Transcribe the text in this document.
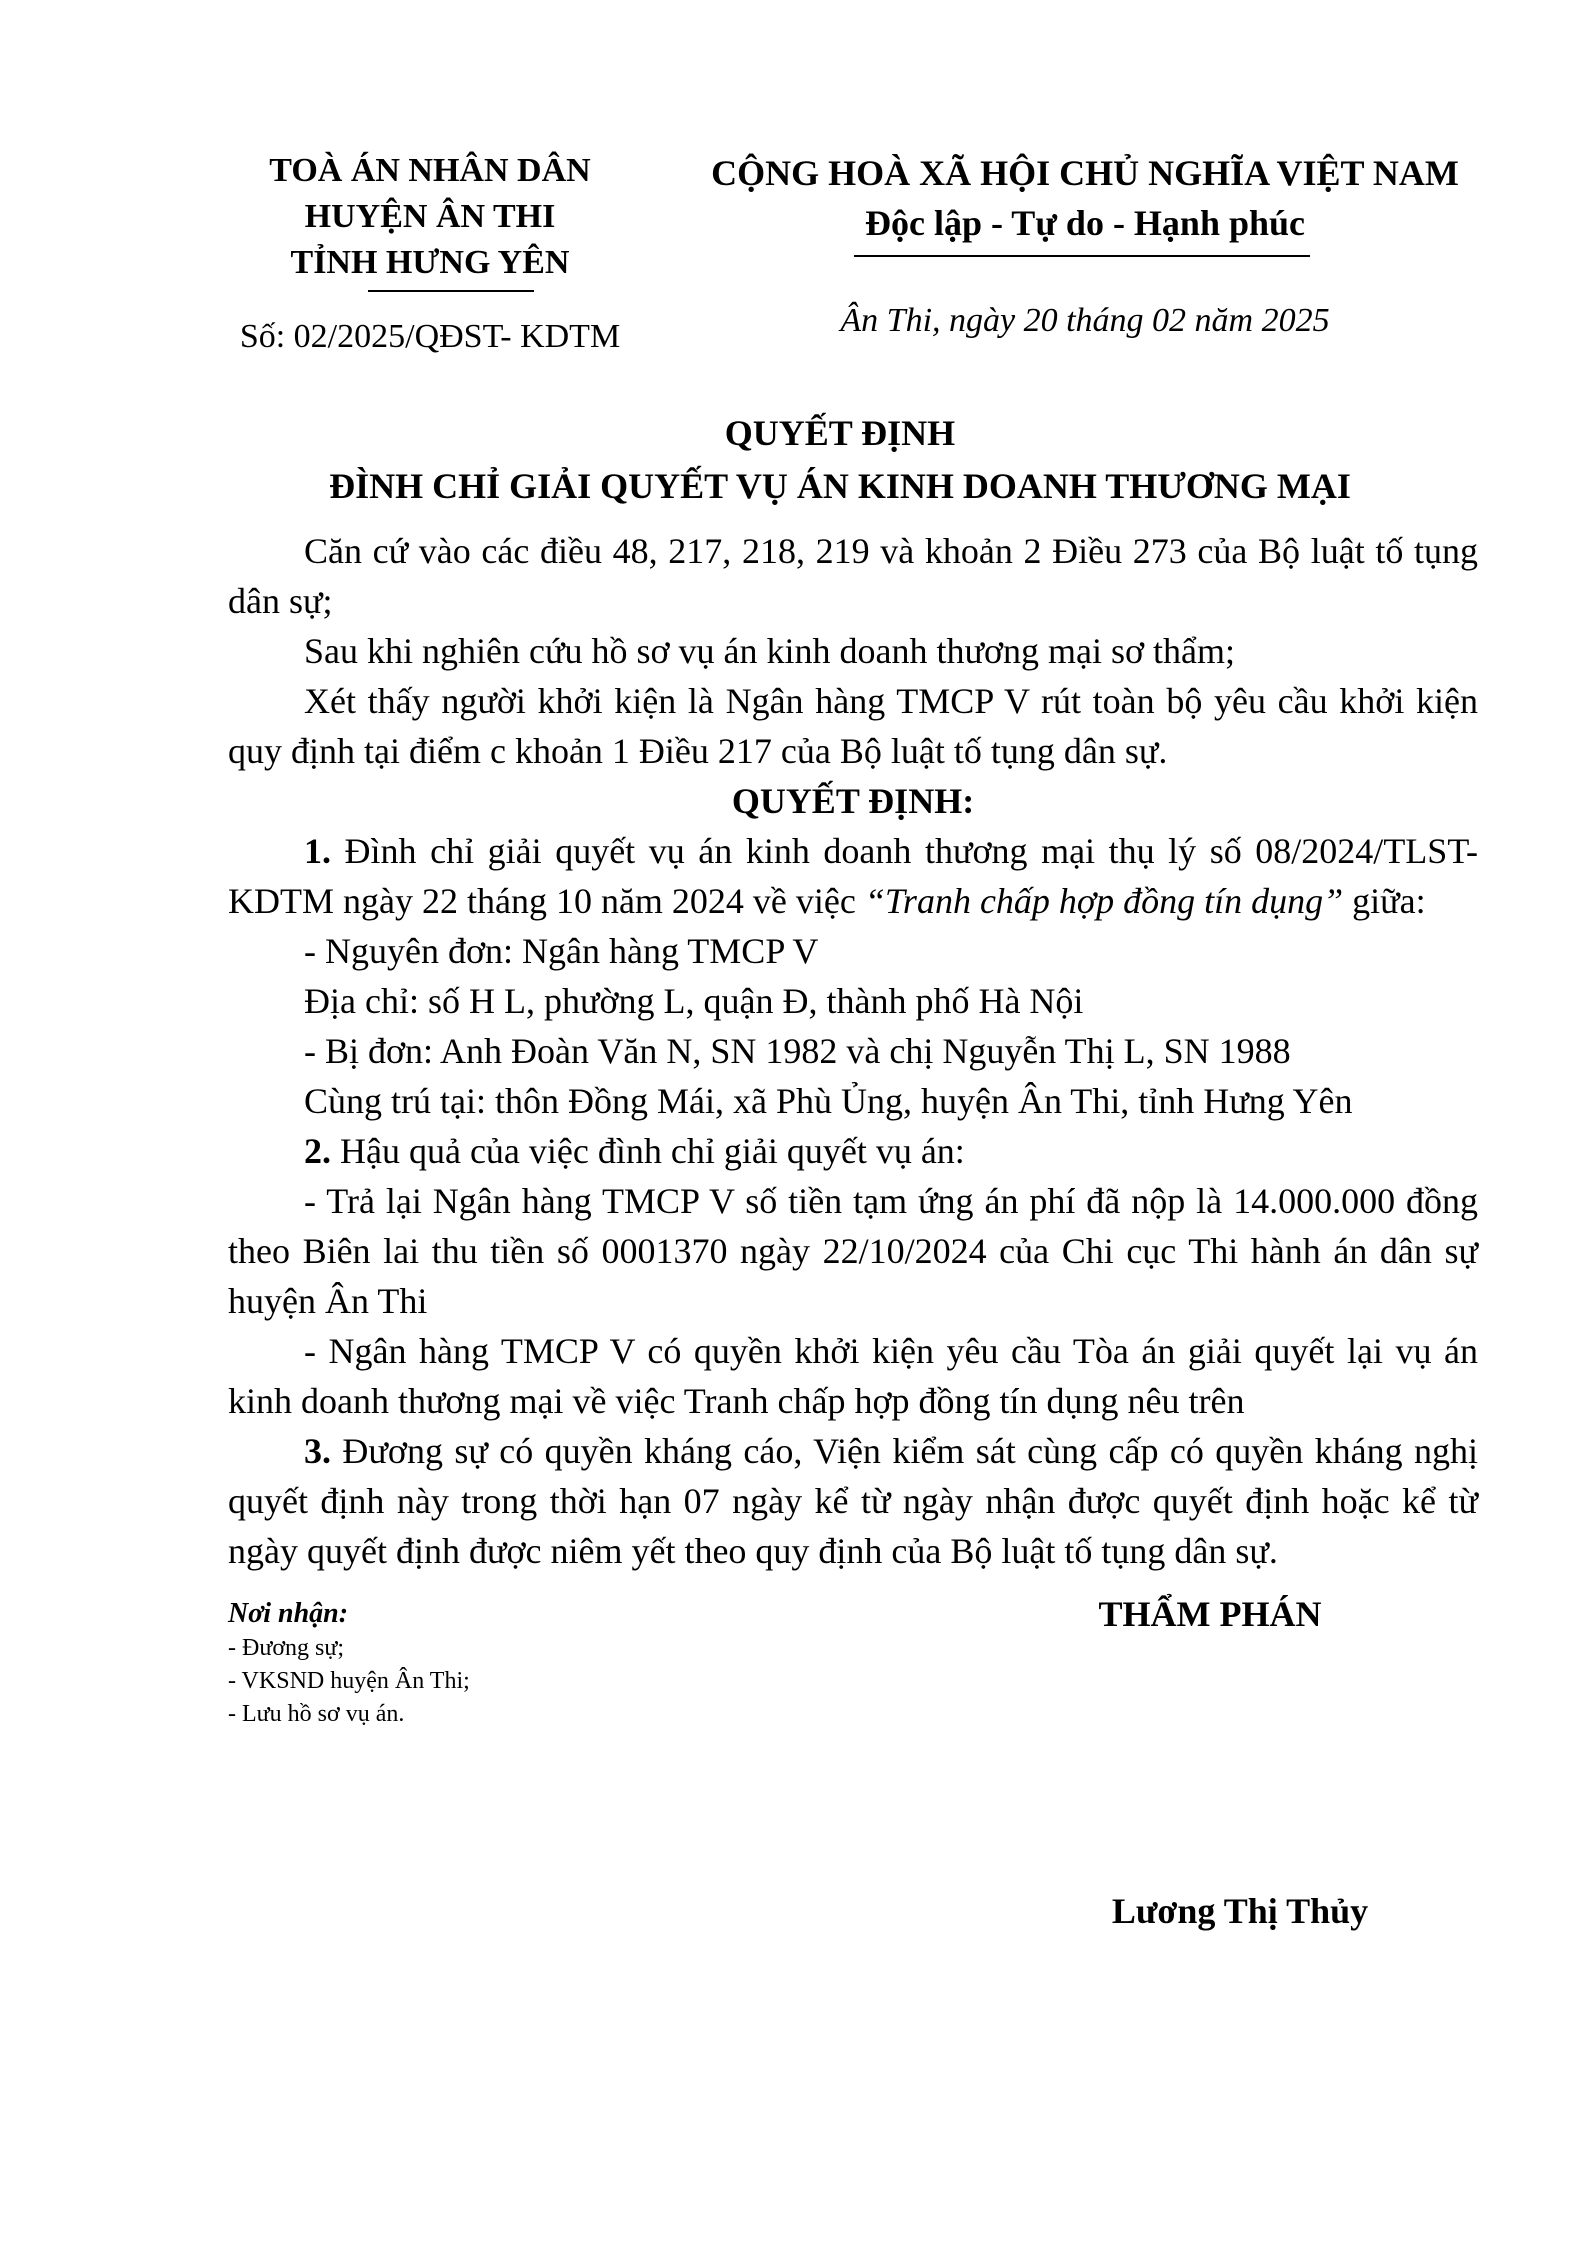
TOÀ ÁN NHÂN DÂN
HUYỆN ÂN THI
TỈNH HƯNG YÊN
Số: 02/2025/QĐST- KDTM
CỘNG HOÀ XÃ HỘI CHỦ NGHĨA VIỆT NAM
Độc lập - Tự do - Hạnh phúc
Ân Thi, ngày 20 tháng 02 năm 2025
QUYẾT ĐỊNH
ĐÌNH CHỈ GIẢI QUYẾT VỤ ÁN KINH DOANH THƯƠNG MẠI

Căn cứ vào các điều 48, 217, 218, 219 và khoản 2 Điều 273 của Bộ luật tố tụng dân sự;

Sau khi nghiên cứu hồ sơ vụ án kinh doanh thương mại sơ thẩm;

Xét thấy người khởi kiện là Ngân hàng TMCP V rút toàn bộ yêu cầu khởi kiện quy định tại điểm c khoản 1 Điều 217 của Bộ luật tố tụng dân sự.

QUYẾT ĐỊNH:

1. Đình chỉ giải quyết vụ án kinh doanh thương mại thụ lý số 08/2024/TLST-KDTM ngày 22 tháng 10 năm 2024 về việc “Tranh chấp hợp đồng tín dụng” giữa:

- Nguyên đơn: Ngân hàng TMCP V

Địa chỉ: số H L, phường L, quận Đ, thành phố Hà Nội

- Bị đơn: Anh Đoàn Văn N, SN 1982 và chị Nguyễn Thị L, SN 1988

Cùng trú tại: thôn Đồng Mái, xã Phù Ủng, huyện Ân Thi, tỉnh Hưng Yên

2. Hậu quả của việc đình chỉ giải quyết vụ án:

- Trả lại Ngân hàng TMCP V số tiền tạm ứng án phí đã nộp là 14.000.000 đồng theo Biên lai thu tiền số 0001370 ngày 22/10/2024 của Chi cục Thi hành án dân sự huyện Ân Thi

- Ngân hàng TMCP V có quyền khởi kiện yêu cầu Tòa án giải quyết lại vụ án kinh doanh thương mại về việc Tranh chấp hợp đồng tín dụng nêu trên

3. Đương sự có quyền kháng cáo, Viện kiểm sát cùng cấp có quyền kháng nghị quyết định này trong thời hạn 07 ngày kể từ ngày nhận được quyết định hoặc kể từ ngày quyết định được niêm yết theo quy định của Bộ luật tố tụng dân sự.

Nơi nhận:
- Đương sự;
- VKSND huyện Ân Thi;
- Lưu hồ sơ vụ án.
THẨM PHÁN
Lương Thị Thủy
